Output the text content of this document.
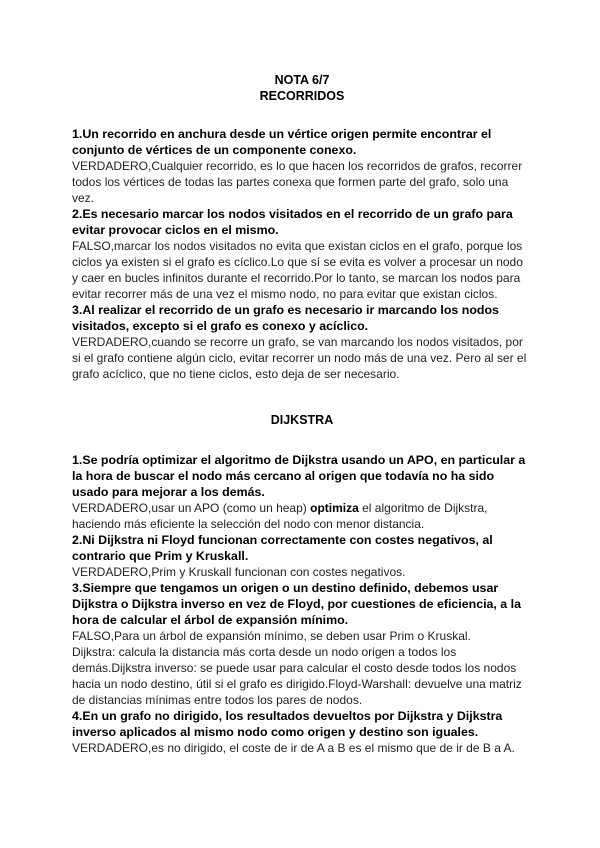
NOTA 6/7
RECORRIDOS

1.Un recorrido en anchura desde un vértice origen permite encontrar el conjunto de vértices de un componente conexo.

VERDADERO,Cualquier recorrido, es lo que hacen los recorridos de grafos, recorrer todos los vértices de todas las partes conexa que formen parte del grafo, solo una vez.

2.Es necesario marcar los nodos visitados en el recorrido de un grafo para evitar provocar ciclos en el mismo.

FALSO,marcar los nodos visitados no evita que existan ciclos en el grafo, porque los ciclos ya existen si el grafo es cíclico.Lo que sí se evita es volver a procesar un nodo y caer en bucles infinitos durante el recorrido.Por lo tanto, se marcan los nodos para evitar recorrer más de una vez el mismo nodo, no para evitar que existan ciclos.

3.Al realizar el recorrido de un grafo es necesario ir marcando los nodos visitados, excepto si el grafo es conexo y acíclico.

VERDADERO,cuando se recorre un grafo, se van marcando los nodos visitados, por si el grafo contiene algún ciclo, evitar recorrer un nodo más de una vez. Pero al ser el grafo acíclico, que no tiene ciclos, esto deja de ser necesario.

DIJKSTRA

1.Se podría optimizar el algoritmo de Dijkstra usando un APO, en particular a la hora de buscar el nodo más cercano al origen que todavía no ha sido usado para mejorar a los demás.

VERDADERO,usar un APO (como un heap) optimiza el algoritmo de Dijkstra, haciendo más eficiente la selección del nodo con menor distancia.

2.Ni Dijkstra ni Floyd funcionan correctamente con costes negativos, al contrario que Prim y Kruskall.

VERDADERO,Prim y Kruskall funcionan con costes negativos.

3.Siempre que tengamos un origen o un destino definido, debemos usar Dijkstra o Dijkstra inverso en vez de Floyd, por cuestiones de eficiencia, a la hora de calcular el árbol de expansión mínimo.

FALSO,Para un árbol de expansión mínimo, se deben usar Prim o Kruskal.

Dijkstra: calcula la distancia más corta desde un nodo origen a todos los demás.Dijkstra inverso: se puede usar para calcular el costo desde todos los nodos hacia un nodo destino, útil si el grafo es dirigido.Floyd-Warshall: devuelve una matriz de distancias mínimas entre todos los pares de nodos.

4.En un grafo no dirigido, los resultados devueltos por Dijkstra y Dijkstra inverso aplicados al mismo nodo como origen y destino son iguales.

VERDADERO,es no dirigido, el coste de ir de A a B es el mismo que de ir de B a A.
